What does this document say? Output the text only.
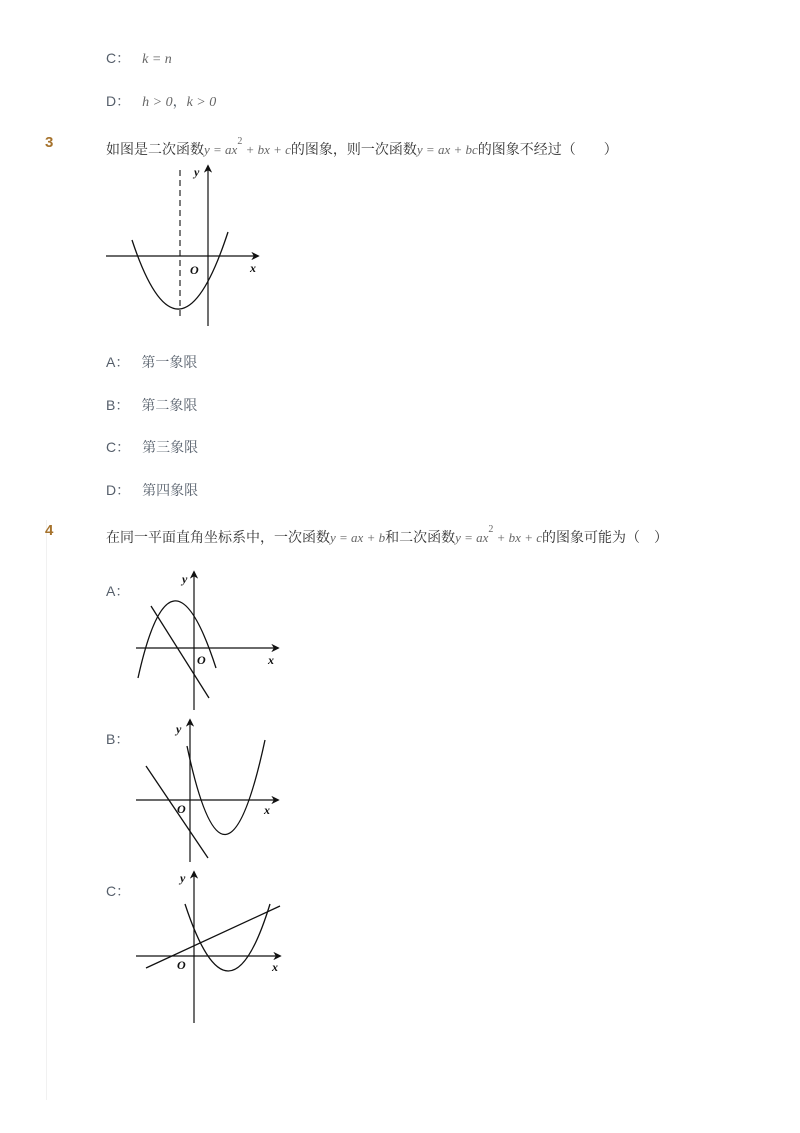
C： k = n
D： h > 0，k > 0
3	如图是二次函数$y = ax^2$ + bx + c的图象，则一次函数y = ax + bc的图象不经过（　　）
y
x
O
A： 第一象限
B： 第二象限
C： 第三象限
D： 第四象限
4	在同一平面直角坐标系中，一次函数y = ax + b和二次函数$y = ax^2$ + bx + c的图象可能为（　）
A：
y
x
O
B：
y
x
O
C：
y
x
O
